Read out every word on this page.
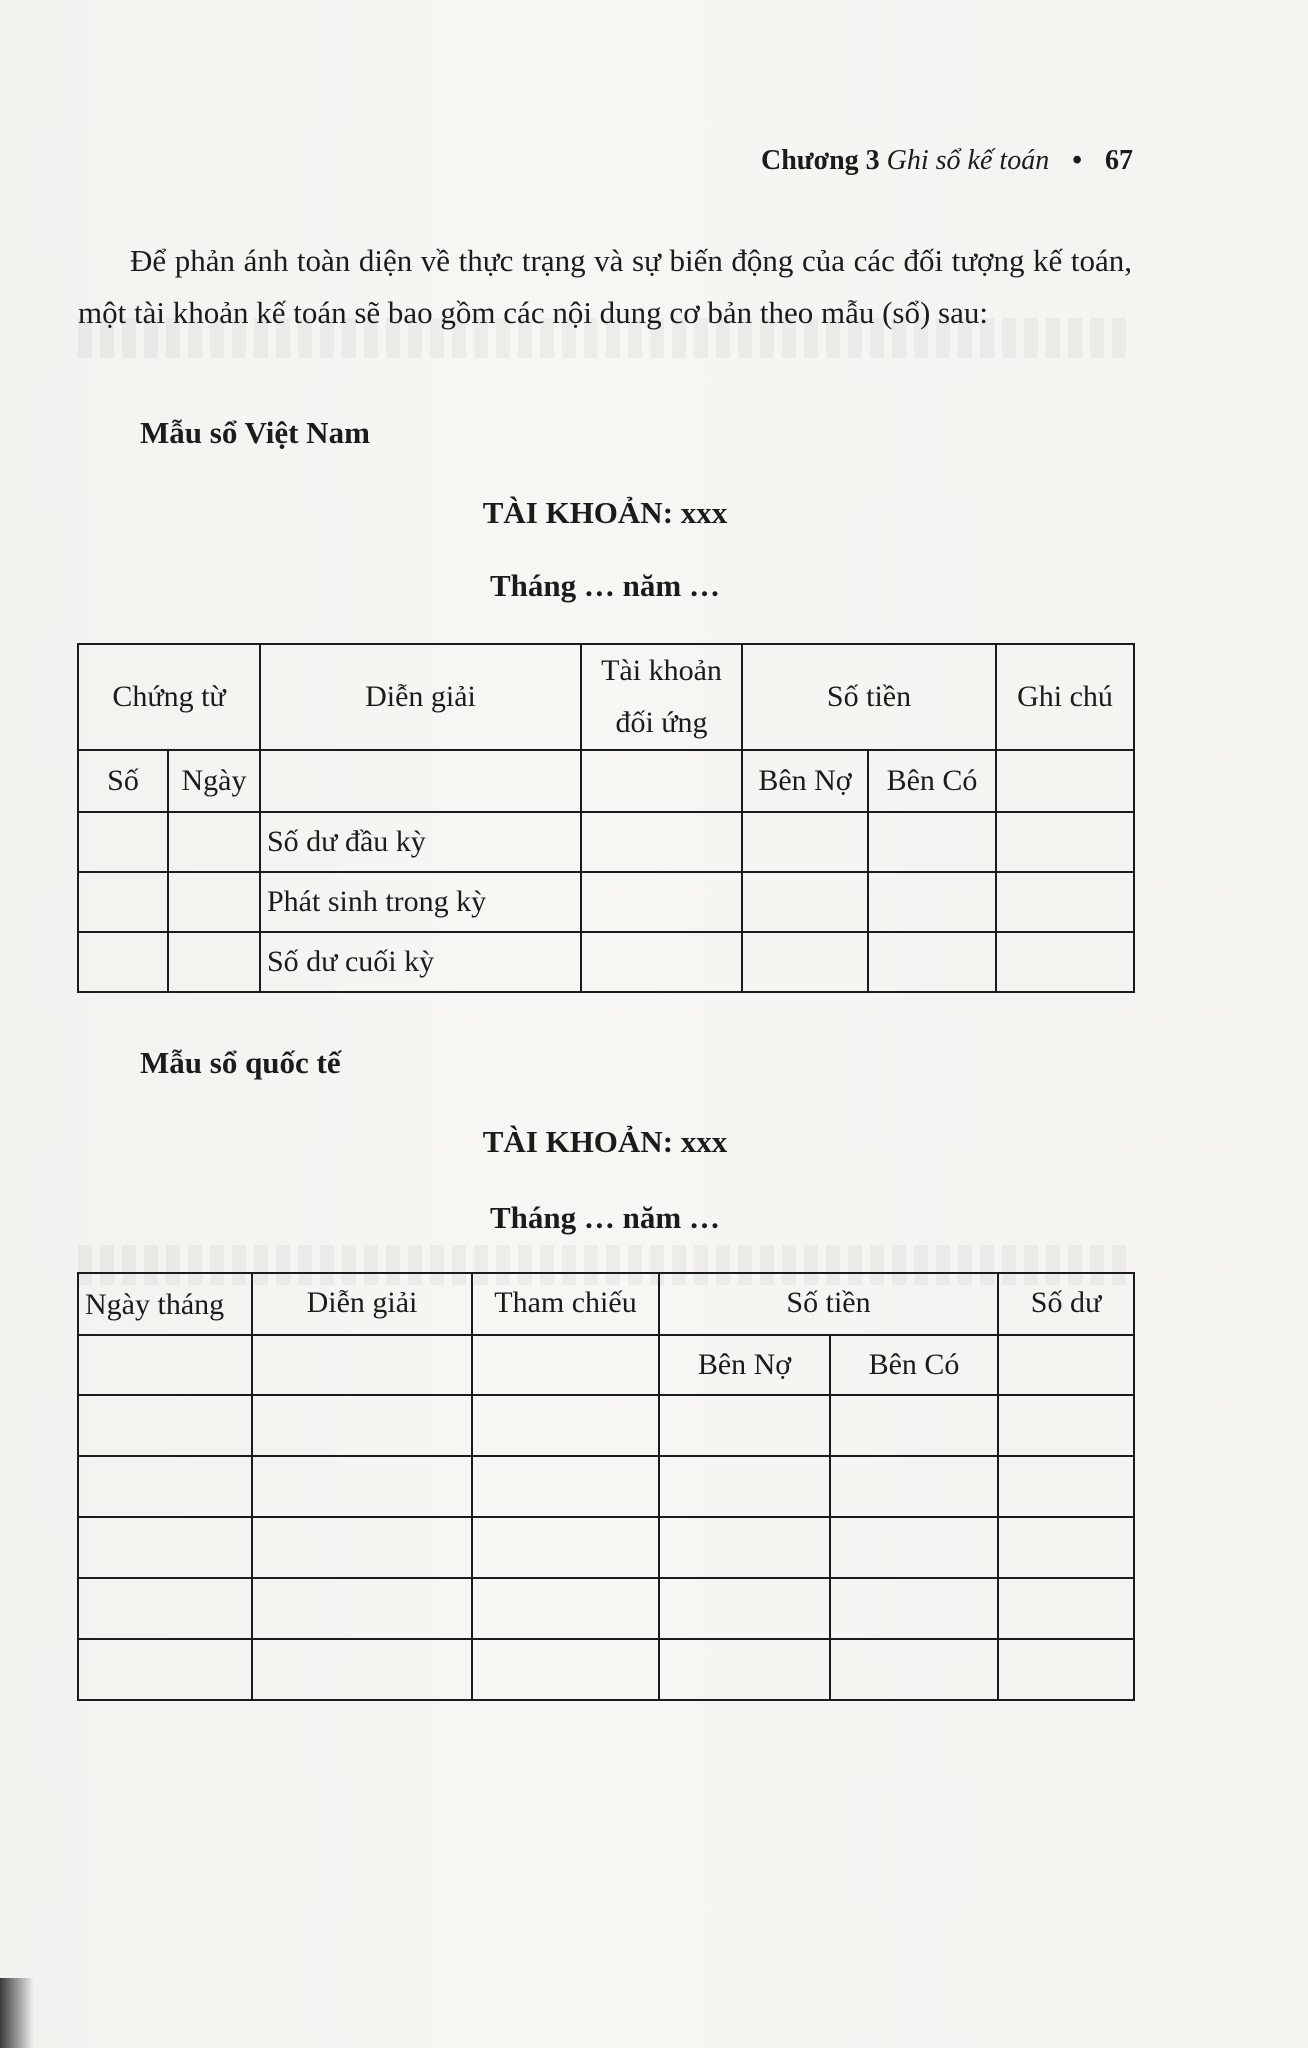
Chương 3 Ghi sổ kế toán • 67
Để phản ánh toàn diện về thực trạng và sự biến động của các đối tượng kế toán, một tài khoản kế toán sẽ bao gồm các nội dung cơ bản theo mẫu (sổ) sau:
Mẫu sổ Việt Nam
TÀI KHOẢN: xxx
Tháng … năm …
Chứng từ		Diễn giải	Tài khoản đối ứng	Số tiền		Ghi chú
Số	Ngày			Bên Nợ	Bên Có	
		Số dư đầu kỳ				
		Phát sinh trong kỳ				
		Số dư cuối kỳ				
Mẫu sổ quốc tế
TÀI KHOẢN: xxx
Tháng … năm …
Ngày tháng	Diễn giải	Tham chiếu	Số tiền		Số dư
			Bên Nợ	Bên Có	
